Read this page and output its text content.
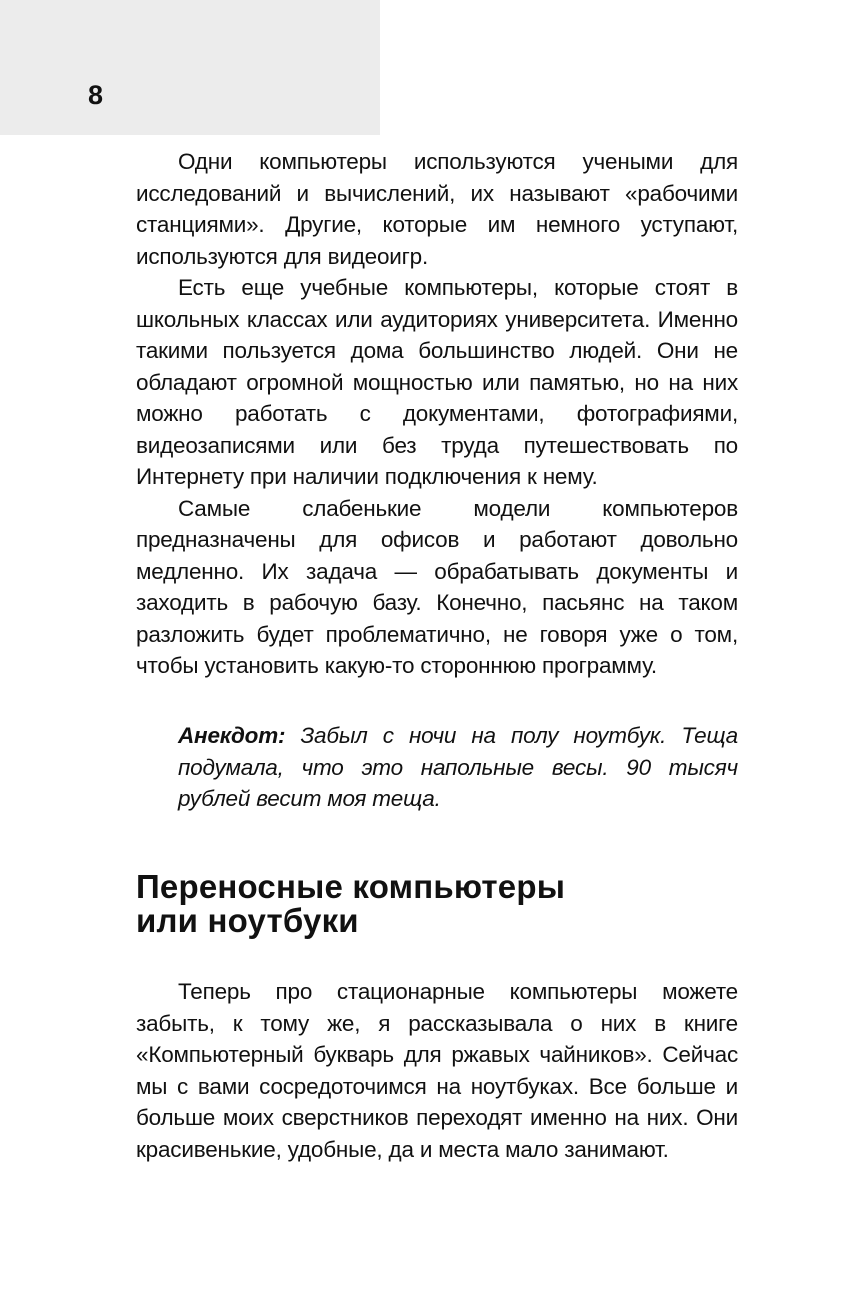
8

Одни компьютеры используются учеными для исследований и вычислений, их называют «рабочими станциями». Другие, которые им немного уступают, используются для видеоигр.

Есть еще учебные компьютеры, которые стоят в школьных классах или аудиториях университета. Именно такими пользуется дома большинство людей. Они не обладают огромной мощностью или памятью, но на них можно работать с документами, фотографиями, видеозаписями или без труда путешествовать по Интернету при наличии подключения к нему.

Самые слабенькие модели компьютеров предназначены для офисов и работают довольно медленно. Их задача — обрабатывать документы и заходить в рабочую базу. Конечно, пасьянс на таком разложить будет проблематично, не говоря уже о том, чтобы установить какую-то стороннюю программу.

Анекдот: Забыл с ночи на полу ноутбук. Теща подумала, что это напольные весы. 90 тысяч рублей весит моя теща.

Переносные компьютеры
или ноутбуки

Теперь про стационарные компьютеры можете забыть, к тому же, я рассказывала о них в книге «Компьютерный букварь для ржавых чайников». Сейчас мы с вами сосредоточимся на ноутбуках. Все больше и больше моих сверстников переходят именно на них. Они красивенькие, удобные, да и места мало занимают.
